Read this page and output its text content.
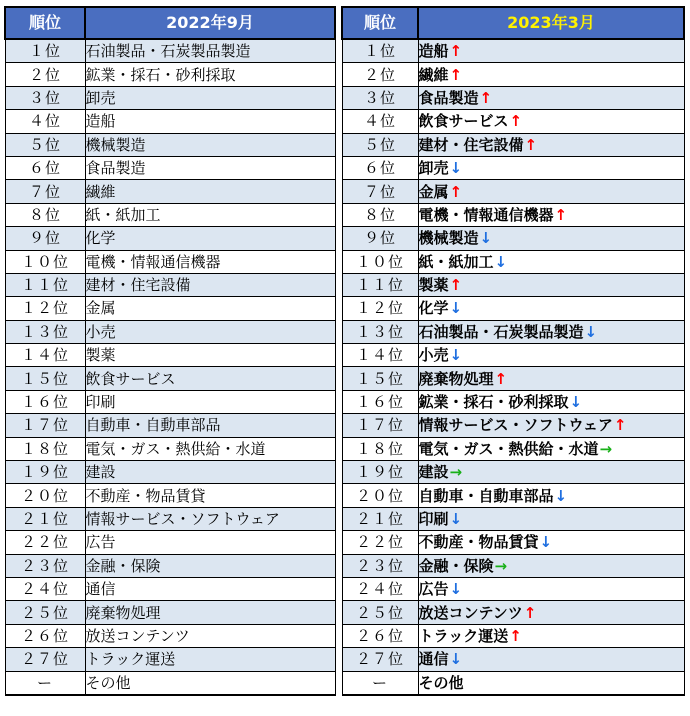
順位	2022年9月
１位	石油製品・石炭製品製造
２位	鉱業・採石・砂利採取
３位	卸売
４位	造船
５位	機械製造
６位	食品製造
７位	繊維
８位	紙・紙加工
９位	化学
１０位	電機・情報通信機器
１１位	建材・住宅設備
１２位	金属
１３位	小売
１４位	製薬
１５位	飲食サービス
１６位	印刷
１７位	自動車・自動車部品
１８位	電気・ガス・熱供給・水道
１９位	建設
２０位	不動産・物品賃貸
２１位	情報サービス・ソフトウェア
２２位	広告
２３位	金融・保険
２４位	通信
２５位	廃棄物処理
２６位	放送コンテンツ
２７位	トラック運送
ー	その他
順位	2023年3月
１位	造船↑
２位	繊維↑
３位	食品製造↑
４位	飲食サービス↑
５位	建材・住宅設備↑
６位	卸売↓
７位	金属↑
８位	電機・情報通信機器↑
９位	機械製造↓
１０位	紙・紙加工↓
１１位	製薬↑
１２位	化学↓
１３位	石油製品・石炭製品製造↓
１４位	小売↓
１５位	廃棄物処理↑
１６位	鉱業・採石・砂利採取↓
１７位	情報サービス・ソフトウェア↑
１８位	電気・ガス・熱供給・水道→
１９位	建設→
２０位	自動車・自動車部品↓
２１位	印刷↓
２２位	不動産・物品賃貸↓
２３位	金融・保険→
２４位	広告↓
２５位	放送コンテンツ↑
２６位	トラック運送↑
２７位	通信↓
ー	その他
